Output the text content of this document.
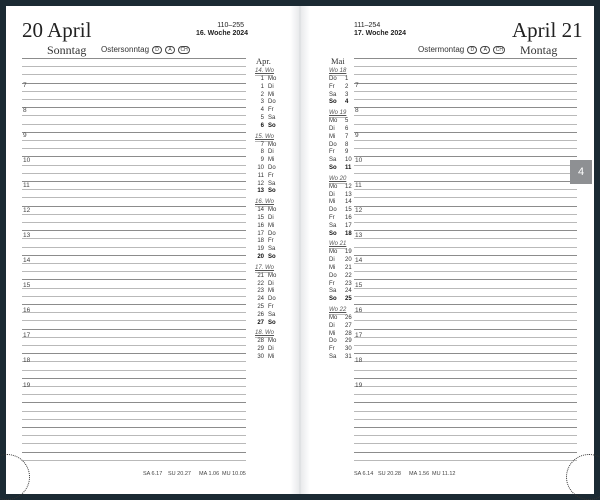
20 April
Sonntag Ostersonntag	D	A	CH
110–255
16. Woche 2024	April 21
Montag
Ostermontag	D	A	CH
111–254
17. Woche 2024
7
8
9
10
11
12
13
14
15
16
17
18
19
7
8
9
10
11
12
13
14
15
16
17
18
19
Apr.
14. Wo
1 Mo
1 Di
2 Mi
3 Do
4 Fr
5 Sa
6 So
15. Wo
7 Mo
8 Di
9 Mi
10 Do
11 Fr
12 Sa
13 So
16. Wo
14 Mo
15 Di
16 Mi
17 Do
18 Fr
19 Sa
20 So
17. Wo
21 Mo
22 Di
23 Mi
24 Do
25 Fr
26 Sa
27 So
18. Wo
28 Mo
29 Di
30 Mi
Mai
Wo 18
Do	1
Fr	2
Sa	3
So	4
Wo 19
Mo	5
Di	6
Mi	7
Do	8
Fr	9
Sa	10
So	11
Wo 20
Mo	12
Di	13
Mi	14
Do	15
Fr	16
Sa	17
So	18
Wo 21
Mo	19
Di	20
Mi	21
Do	22
Fr	23
Sa	24
So	25
Wo 22
Mo	26
Di	27
Mi	28
Do	29
Fr	30
Sa	31
4
SA 6.17 SU 20.27 MA 1.06 MU 10.05	SA 6.14 SU 20.28 MA 1.56 MU 11.12
